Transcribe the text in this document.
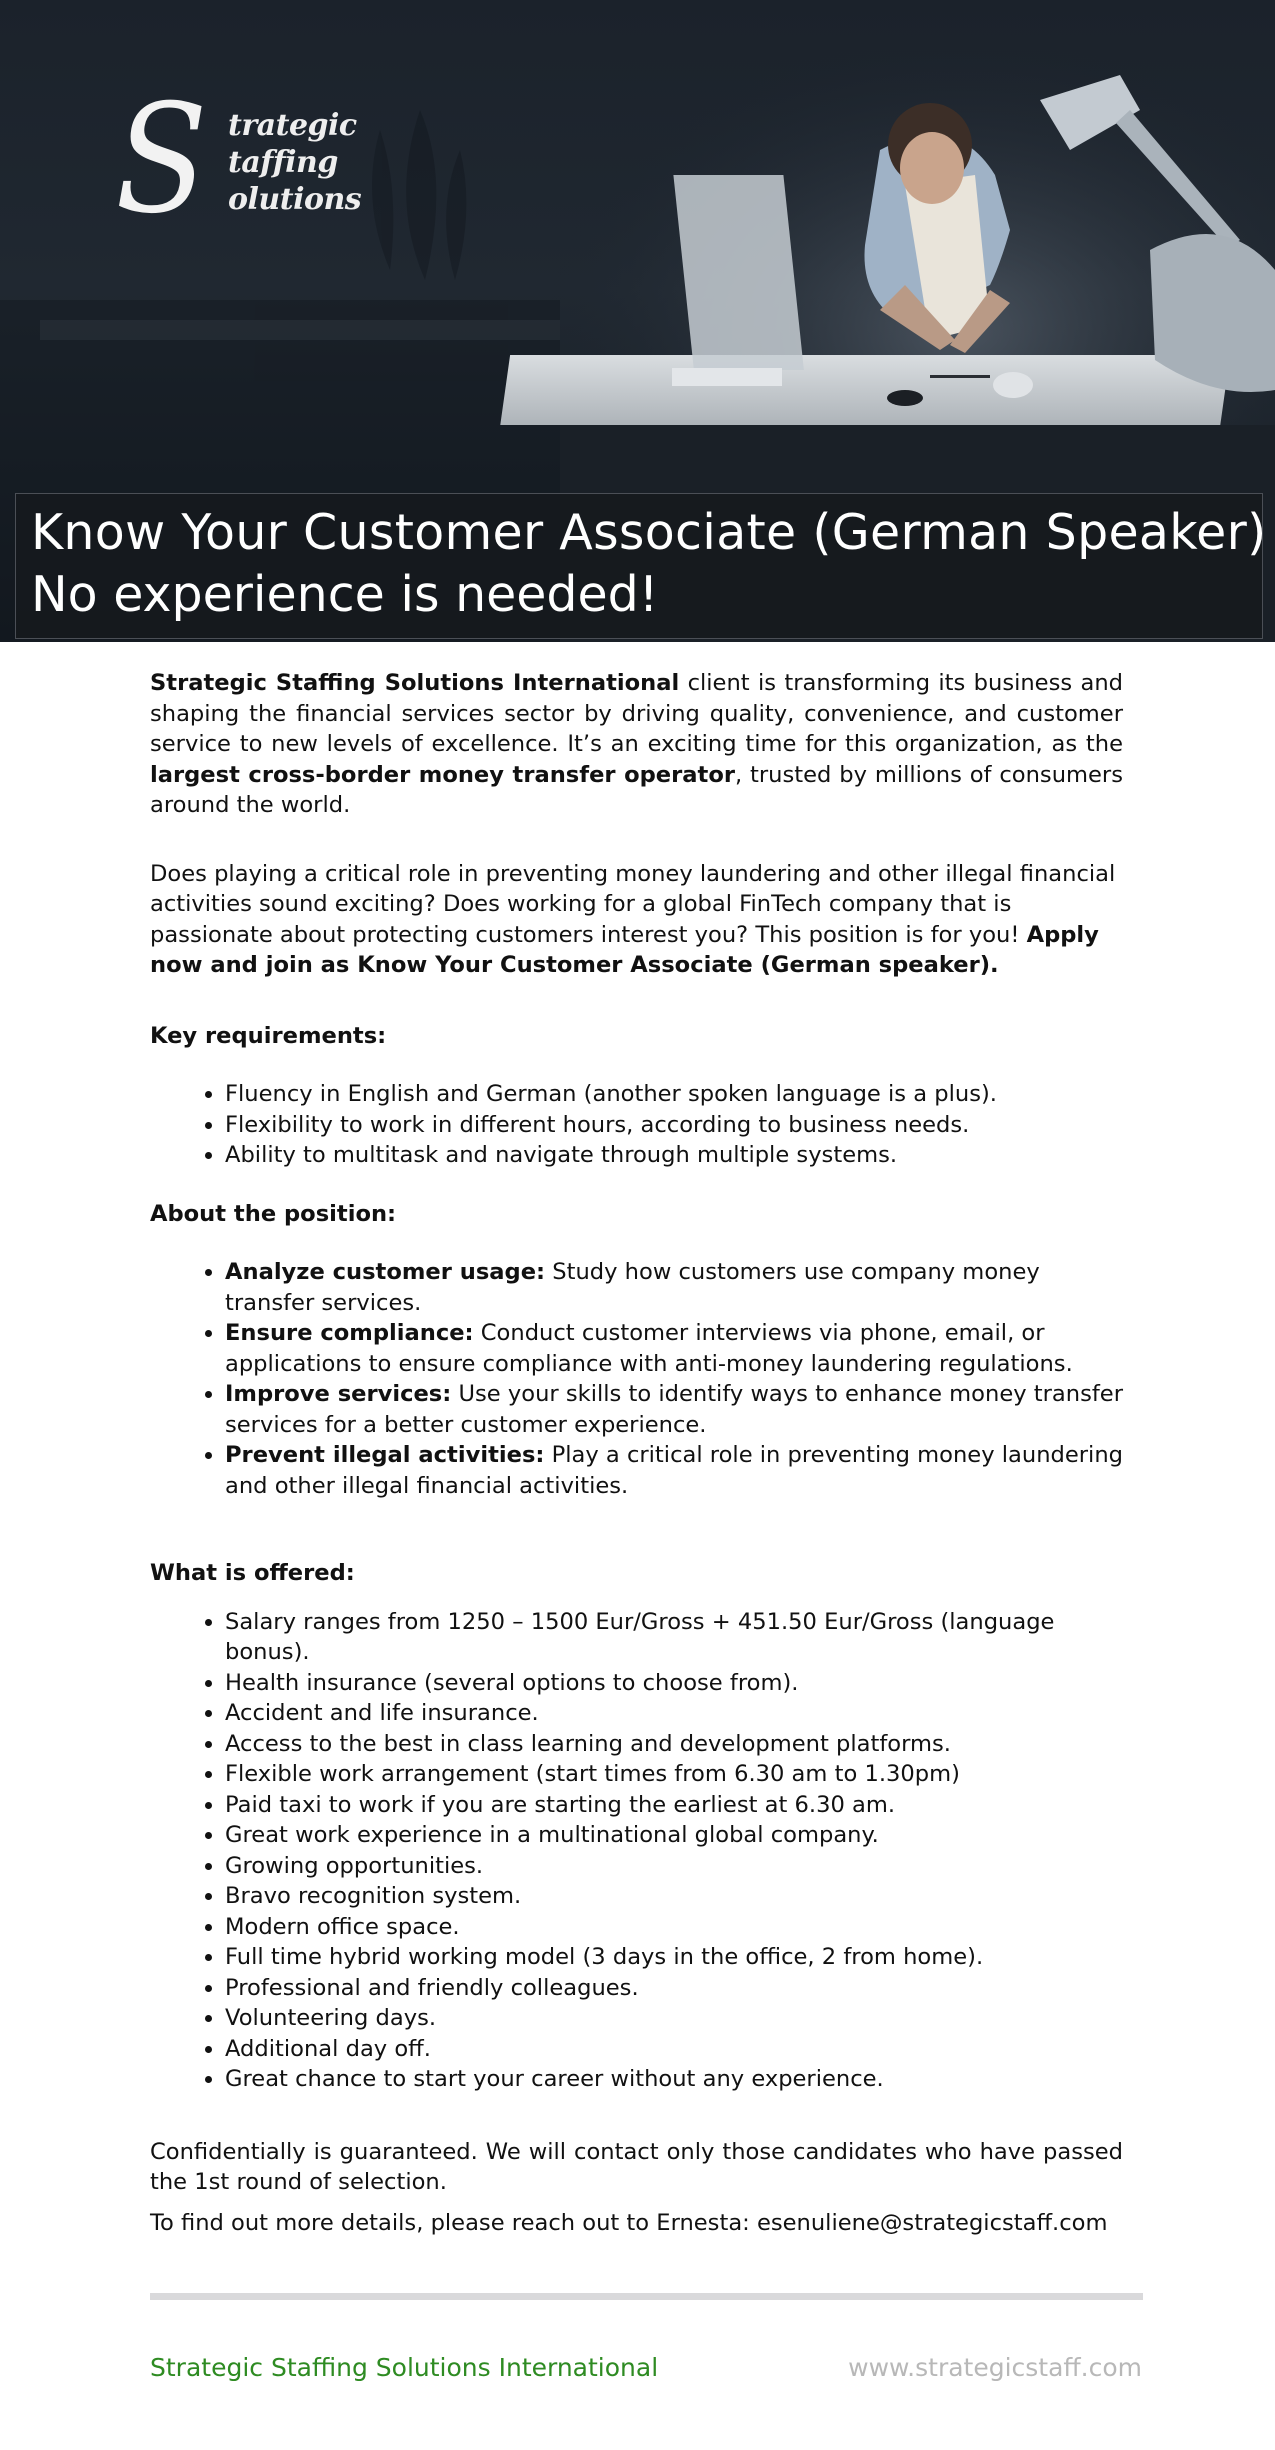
S trategic
taffing
olutions
Know Your Customer Associate (German Speaker)
No experience is needed!

Strategic Staffing Solutions International client is transforming its business and shaping the financial services sector by driving quality, convenience, and customer service to new levels of excellence. It’s an exciting time for this organization, as the largest cross-border money transfer operator, trusted by millions of consumers around the world.

Does playing a critical role in preventing money laundering and other illegal financial activities sound exciting? Does working for a global FinTech company that is passionate about protecting customers interest you? This position is for you! Apply now and join as Know Your Customer Associate (German speaker).

Key requirements:
• Fluency in English and German (another spoken language is a plus).
• Flexibility to work in different hours, according to business needs.
• Ability to multitask and navigate through multiple systems.
About the position:
• Analyze customer usage: Study how customers use company money transfer services.
• Ensure compliance: Conduct customer interviews via phone, email, or applications to ensure compliance with anti-money laundering regulations.
• Improve services: Use your skills to identify ways to enhance money transfer services for a better customer experience.
• Prevent illegal activities: Play a critical role in preventing money laundering and other illegal financial activities.
What is offered:
• Salary ranges from 1250 – 1500 Eur/Gross + 451.50 Eur/Gross (language bonus).
• Health insurance (several options to choose from).
• Accident and life insurance.
• Access to the best in class learning and development platforms.
• Flexible work arrangement (start times from 6.30 am to 1.30pm)
• Paid taxi to work if you are starting the earliest at 6.30 am.
• Great work experience in a multinational global company.
• Growing opportunities.
• Bravo recognition system.
• Modern office space.
• Full time hybrid working model (3 days in the office, 2 from home).
• Professional and friendly colleagues.
• Volunteering days.
• Additional day off.
• Great chance to start your career without any experience.

Confidentially is guaranteed. We will contact only those candidates who have passed the 1st round of selection.

To find out more details, please reach out to Ernesta: esenuliene@strategicstaff.com

Strategic Staffing Solutions International	www.strategicstaff.com
